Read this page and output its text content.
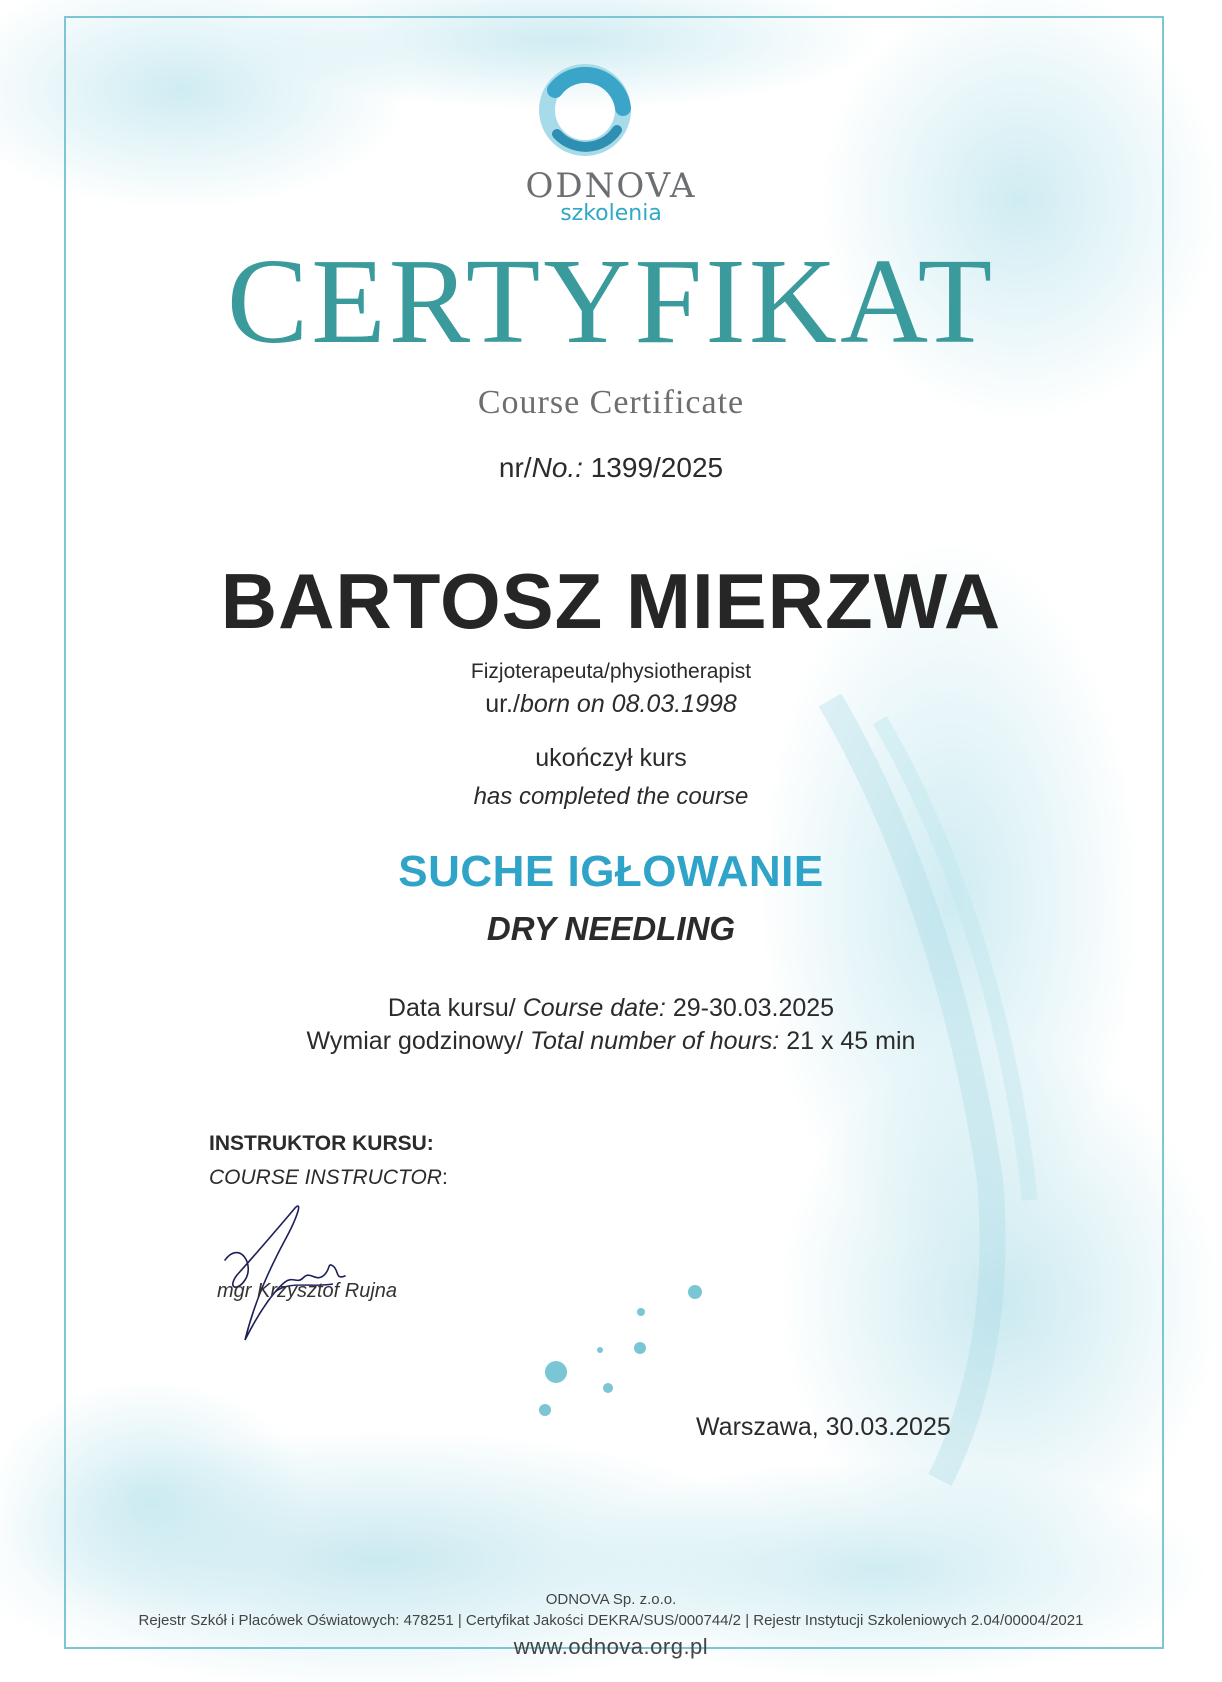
ODNOVA
szkolenia
CERTYFIKAT
Course Certificate
nr/No.: 1399/2025
BARTOSZ MIERZWA
Fizjoterapeuta/physiotherapist
ur./born on 08.03.1998
ukończył kurs
has completed the course
SUCHE IGŁOWANIE
DRY NEEDLING
Data kursu/ Course date: 29-30.03.2025
Wymiar godzinowy/ Total number of hours: 21 x 45 min
INSTRUKTOR KURSU:
COURSE INSTRUCTOR:
mgr Krzysztof Rujna
Warszawa, 30.03.2025
ODNOVA Sp. z.o.o.
Rejestr Szkół i Placówek Oświatowych: 478251 | Certyfikat Jakości DEKRA/SUS/000744/2 | Rejestr Instytucji Szkoleniowych 2.04/00004/2021
www.odnova.org.pl
